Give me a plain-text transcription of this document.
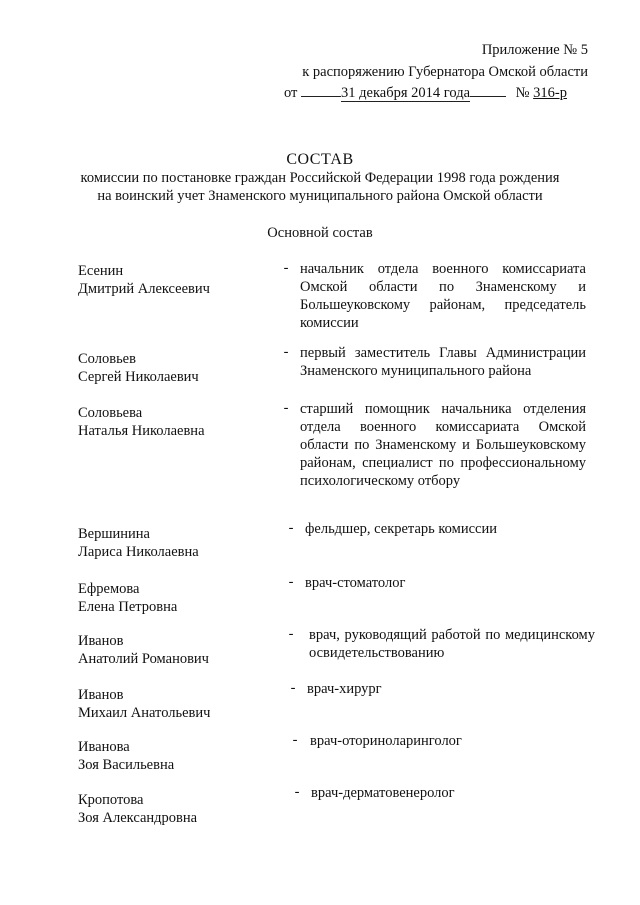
Приложение № 5
к распоряжению Губернатора Омской области
от	31 декабря 2014 года	№ 316-р
СОСТАВ
комиссии по постановке граждан Российской Федерации 1998 года рождения
на воинский учет Знаменского муниципального района Омской области
Основной состав
Есенин
Дмитрий Алексеевич
- начальник отдела военного комиссариата Омской области по Знаменскому и Большеуковскому районам, председатель комиссии
Соловьев
Сергей Николаевич
- первый заместитель Главы Администрации Знаменского муниципального района
Соловьева
Наталья Николаевна
- старший помощник начальника отделения отдела военного комиссариата Омской области по Знаменскому и Большеуковскому районам, специалист по профессиональному психологическому отбору
Вершинина
Лариса Николаевна
- фельдшер, секретарь комиссии
Ефремова
Елена Петровна
- врач-стоматолог
Иванов
Анатолий Романович
- врач, руководящий работой по медицинскому освидетельствованию
Иванов
Михаил Анатольевич
- врач-хирург
Иванова
Зоя Васильевна
- врач-оториноларинголог
Кропотова
Зоя Александровна
- врач-дерматовенеролог
